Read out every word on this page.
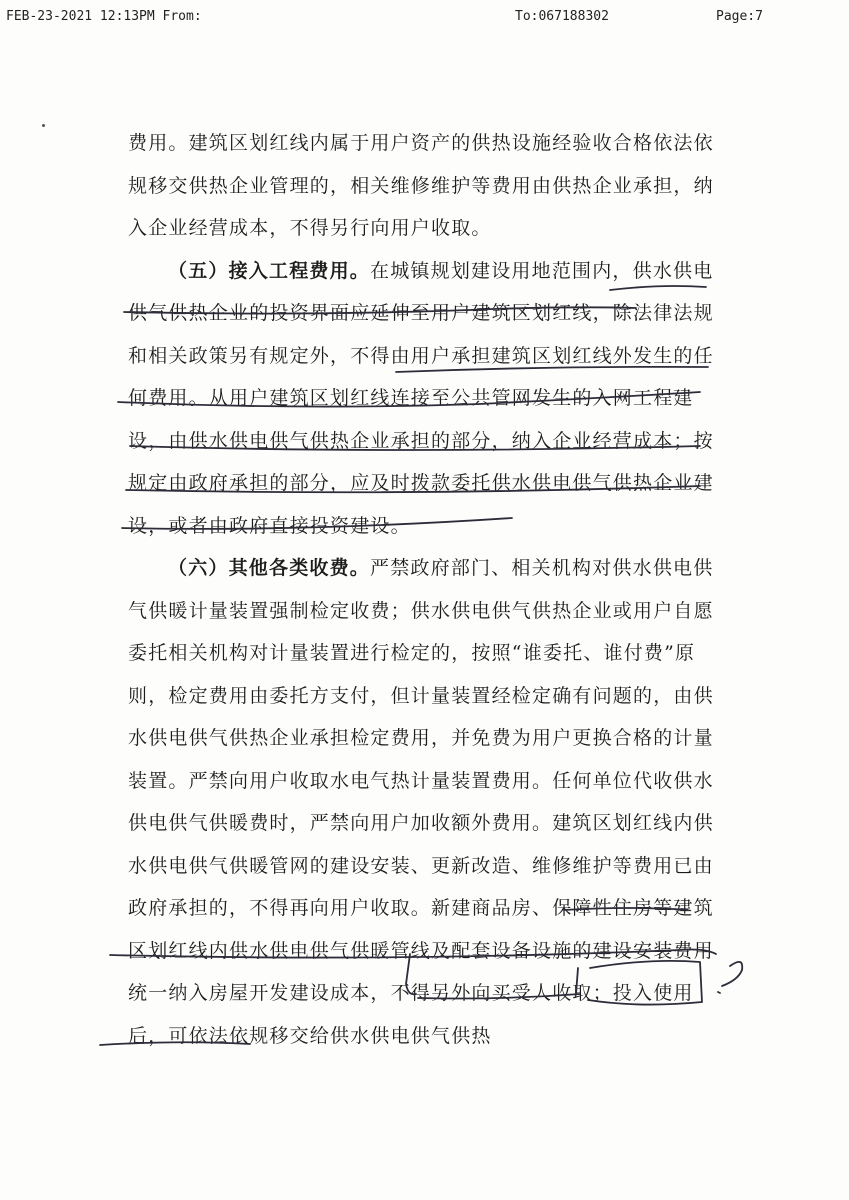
FEB-23-2021 12:13PM From:	To:067188302	Page:7

费用。建筑区划红线内属于用户资产的供热设施经验收合格依法依规移交供热企业管理的，相关维修维护等费用由供热企业承担，纳入企业经营成本，不得另行向用户收取。

（五）接入工程费用。在城镇规划建设用地范围内，供水供电供气供热企业的投资界面应延伸至用户建筑区划红线，除法律法规和相关政策另有规定外，不得由用户承担建筑区划红线外发生的任何费用。从用户建筑区划红线连接至公共管网发生的入网工程建设，由供水供电供气供热企业承担的部分，纳入企业经营成本；按规定由政府承担的部分，应及时拨款委托供水供电供气供热企业建设，或者由政府直接投资建设。

（六）其他各类收费。严禁政府部门、相关机构对供水供电供气供暖计量装置强制检定收费；供水供电供气供热企业或用户自愿委托相关机构对计量装置进行检定的，按照“谁委托、谁付费”原则，检定费用由委托方支付，但计量装置经检定确有问题的，由供水供电供气供热企业承担检定费用，并免费为用户更换合格的计量装置。严禁向用户收取水电气热计量装置费用。任何单位代收供水供电供气供暖费时，严禁向用户加收额外费用。建筑区划红线内供水供电供气供暖管网的建设安装、更新改造、维修维护等费用已由政府承担的，不得再向用户收取。新建商品房、保障性住房等建筑区划红线内供水供电供气供暖管线及配套设备设施的建设安装费用统一纳入房屋开发建设成本，不得另外向买受人收取；投入使用后，可依法依规移交给供水供电供气供热
